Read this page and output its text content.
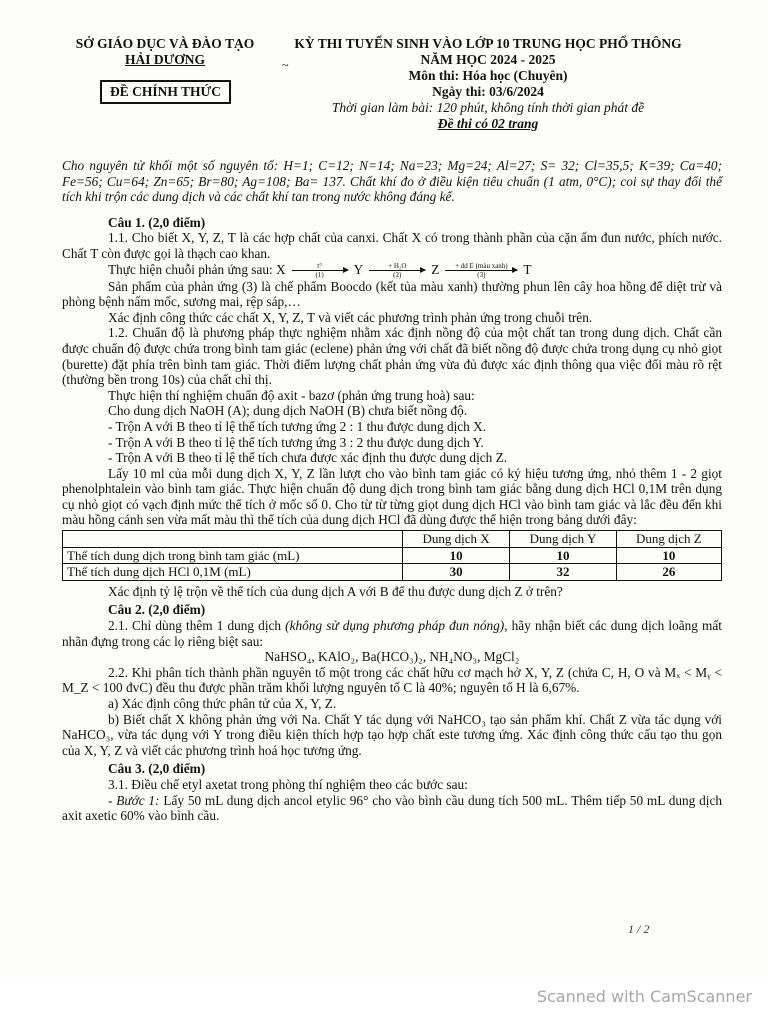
SỞ GIÁO DỤC VÀ ĐÀO TẠO
HẢI DƯƠNG
ĐỀ CHÍNH THỨC
KỲ THI TUYỂN SINH VÀO LỚP 10 TRUNG HỌC PHỔ THÔNG
NĂM HỌC 2024 - 2025
Môn thi: Hóa học (Chuyên)
Ngày thi: 03/6/2024
Thời gian làm bài: 120 phút, không tính thời gian phát đề
Đề thi có 02 trang
~

Cho nguyên tử khối một số nguyên tố: H=1; C=12; N=14; Na=23; Mg=24; Al=27; S= 32; Cl=35,5; K=39; Ca=40; Fe=56; Cu=64; Zn=65; Br=80; Ag=108; Ba= 137. Chất khí đo ở điều kiện tiêu chuẩn (1 atm, 0°C); coi sự thay đổi thể tích khi trộn các dung dịch và các chất khí tan trong nước không đáng kể.

Câu 1. (2,0 điểm)

1.1. Cho biết X, Y, Z, T là các hợp chất của canxi. Chất X có trong thành phần của cặn ấm đun nước, phích nước. Chất T còn được gọi là thạch cao khan.

Thực hiện chuỗi phản ứng sau: X	t°
(1) Y	+ H₂O
(2) Z + dd E (màu xanh)
(3)	T

Sản phẩm của phản ứng (3) là chế phẩm Boocdo (kết tủa màu xanh) thường phun lên cây hoa hồng để diệt trừ và phòng bệnh nấm mốc, sương mai, rệp sáp,…

Xác định công thức các chất X, Y, Z, T và viết các phương trình phản ứng trong chuỗi trên.

1.2. Chuẩn độ là phương pháp thực nghiệm nhằm xác định nồng độ của một chất tan trong dung dịch. Chất cần được chuẩn độ được chứa trong bình tam giác (eclene) phản ứng với chất đã biết nồng độ được chứa trong dụng cụ nhỏ giọt (burette) đặt phía trên bình tam giác. Thời điểm lượng chất phản ứng vừa đủ được xác định thông qua việc đổi màu rõ rệt (thường bền trong 10s) của chất chỉ thị.

Thực hiện thí nghiệm chuẩn độ axit - bazơ (phản ứng trung hoà) sau:

Cho dung dịch NaOH (A); dung dịch NaOH (B) chưa biết nồng độ.

- Trộn A với B theo tỉ lệ thể tích tương ứng 2 : 1 thu được dung dịch X.

- Trộn A với B theo tỉ lệ thể tích tương ứng 3 : 2 thu được dung dịch Y.

- Trộn A với B theo tỉ lệ thể tích chưa được xác định thu được dung dịch Z.

Lấy 10 ml của mỗi dung dịch X, Y, Z lần lượt cho vào bình tam giác có ký hiệu tương ứng, nhỏ thêm 1 - 2 giọt phenolphtalein vào bình tam giác. Thực hiện chuẩn độ dung dịch trong bình tam giác bằng dung dịch HCl 0,1M trên dụng cụ nhỏ giọt có vạch định mức thể tích ở mốc số 0. Cho từ từ từng giọt dung dịch HCl vào bình tam giác và lắc đều đến khi màu hồng cánh sen vừa mất màu thì thể tích của dung dịch HCl đã dùng được thể hiện trong bảng dưới đây:

	Dung dịch X	Dung dịch Y	Dung dịch Z
Thể tích dung dịch trong bình tam giác (mL)	10	10	10
Thể tích dung dịch HCl 0,1M (mL)	30	32	26

Xác định tỷ lệ trộn về thể tích của dung dịch A với B để thu được dung dịch Z ở trên?

Câu 2. (2,0 điểm)

2.1. Chỉ dùng thêm 1 dung dịch (không sử dụng phương pháp đun nóng), hãy nhận biết các dung dịch loãng mất nhãn đựng trong các lọ riêng biệt sau:

NaHSO₄, KAlO₂, Ba(HCO₃)₂, NH₄NO₃, MgCl₂

2.2. Khi phân tích thành phần nguyên tố một trong các chất hữu cơ mạch hở X, Y, Z (chứa C, H, O và Mₓ < Mᵧ < M_Z < 100 đvC) đều thu được phần trăm khối lượng nguyên tố C là 40%; nguyên tố H là 6,67%.

a) Xác định công thức phân tử của X, Y, Z.

b) Biết chất X không phản ứng với Na. Chất Y tác dụng với NaHCO₃ tạo sản phẩm khí. Chất Z vừa tác dụng với NaHCO₃, vừa tác dụng với Y trong điều kiện thích hợp tạo hợp chất este tương ứng. Xác định công thức cấu tạo thu gọn của X, Y, Z và viết các phương trình hoá học tương ứng.

Câu 3. (2,0 điểm)

3.1. Điều chế etyl axetat trong phòng thí nghiệm theo các bước sau:

- Bước 1: Lấy 50 mL dung dịch ancol etylic 96° cho vào bình cầu dung tích 500 mL. Thêm tiếp 50 mL dung dịch axit axetic 60% vào bình cầu.

1 / 2
Scanned with CamScanner
